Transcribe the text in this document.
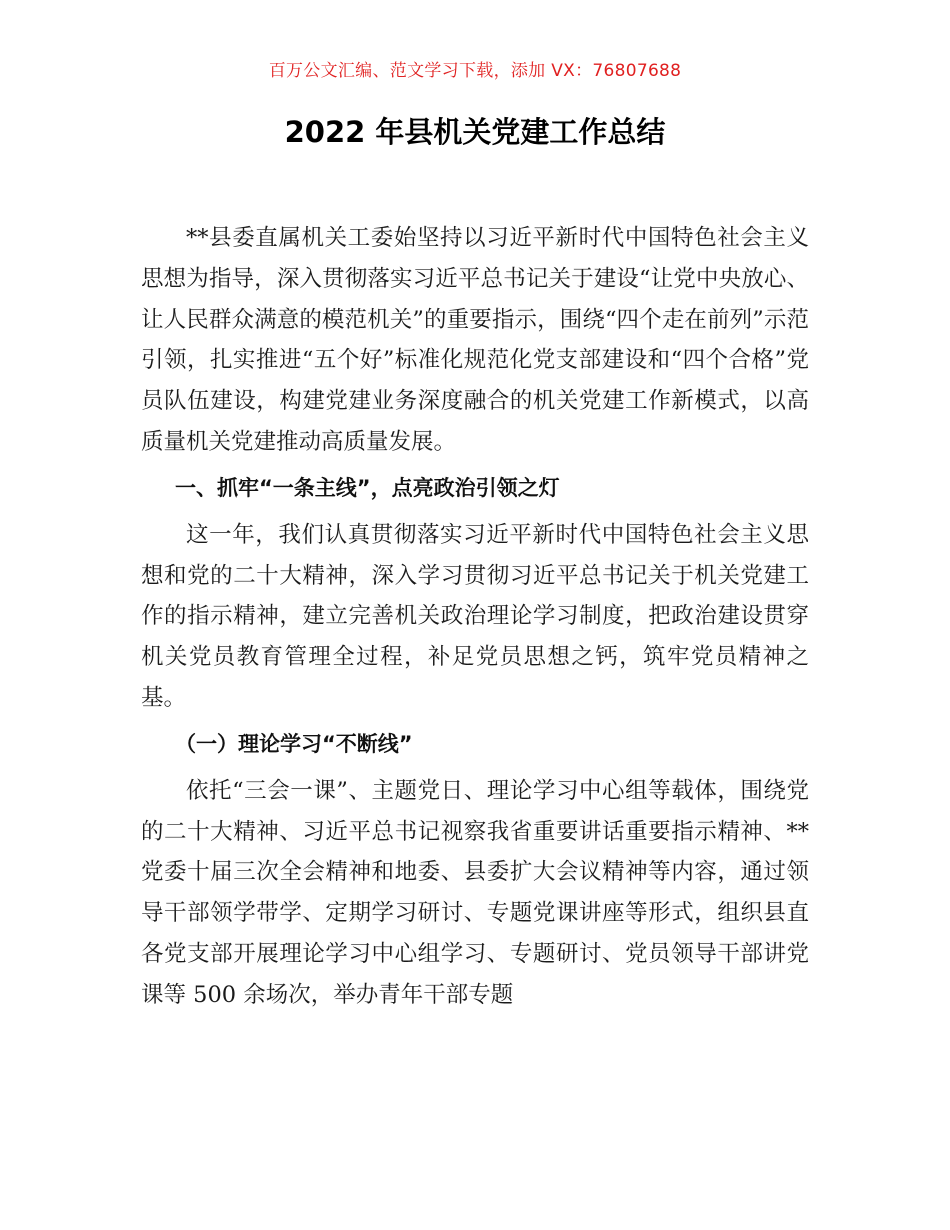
百万公文汇编、范文学习下载，添加 VX：76807688
2022 年县机关党建工作总结

**县委直属机关工委始坚持以习近平新时代中国特色社会主义思想为指导，深入贯彻落实习近平总书记关于建设“让党中央放心、让人民群众满意的模范机关”的重要指示，围绕“四个走在前列”示范引领，扎实推进“五个好”标准化规范化党支部建设和“四个合格”党员队伍建设，构建党建业务深度融合的机关党建工作新模式，以高质量机关党建推动高质量发展。

一、抓牢“一条主线”，点亮政治引领之灯

这一年，我们认真贯彻落实习近平新时代中国特色社会主义思想和党的二十大精神，深入学习贯彻习近平总书记关于机关党建工作的指示精神，建立完善机关政治理论学习制度，把政治建设贯穿机关党员教育管理全过程，补足党员思想之钙，筑牢党员精神之基。

（一）理论学习“不断线”

依托“三会一课”、主题党日、理论学习中心组等载体，围绕党的二十大精神、习近平总书记视察我省重要讲话重要指示精神、**党委十届三次全会精神和地委、县委扩大会议精神等内容，通过领导干部领学带学、定期学习研讨、专题党课讲座等形式，组织县直各党支部开展理论学习中心组学习、专题研讨、党员领导干部讲党课等 500 余场次，举办青年干部专题
